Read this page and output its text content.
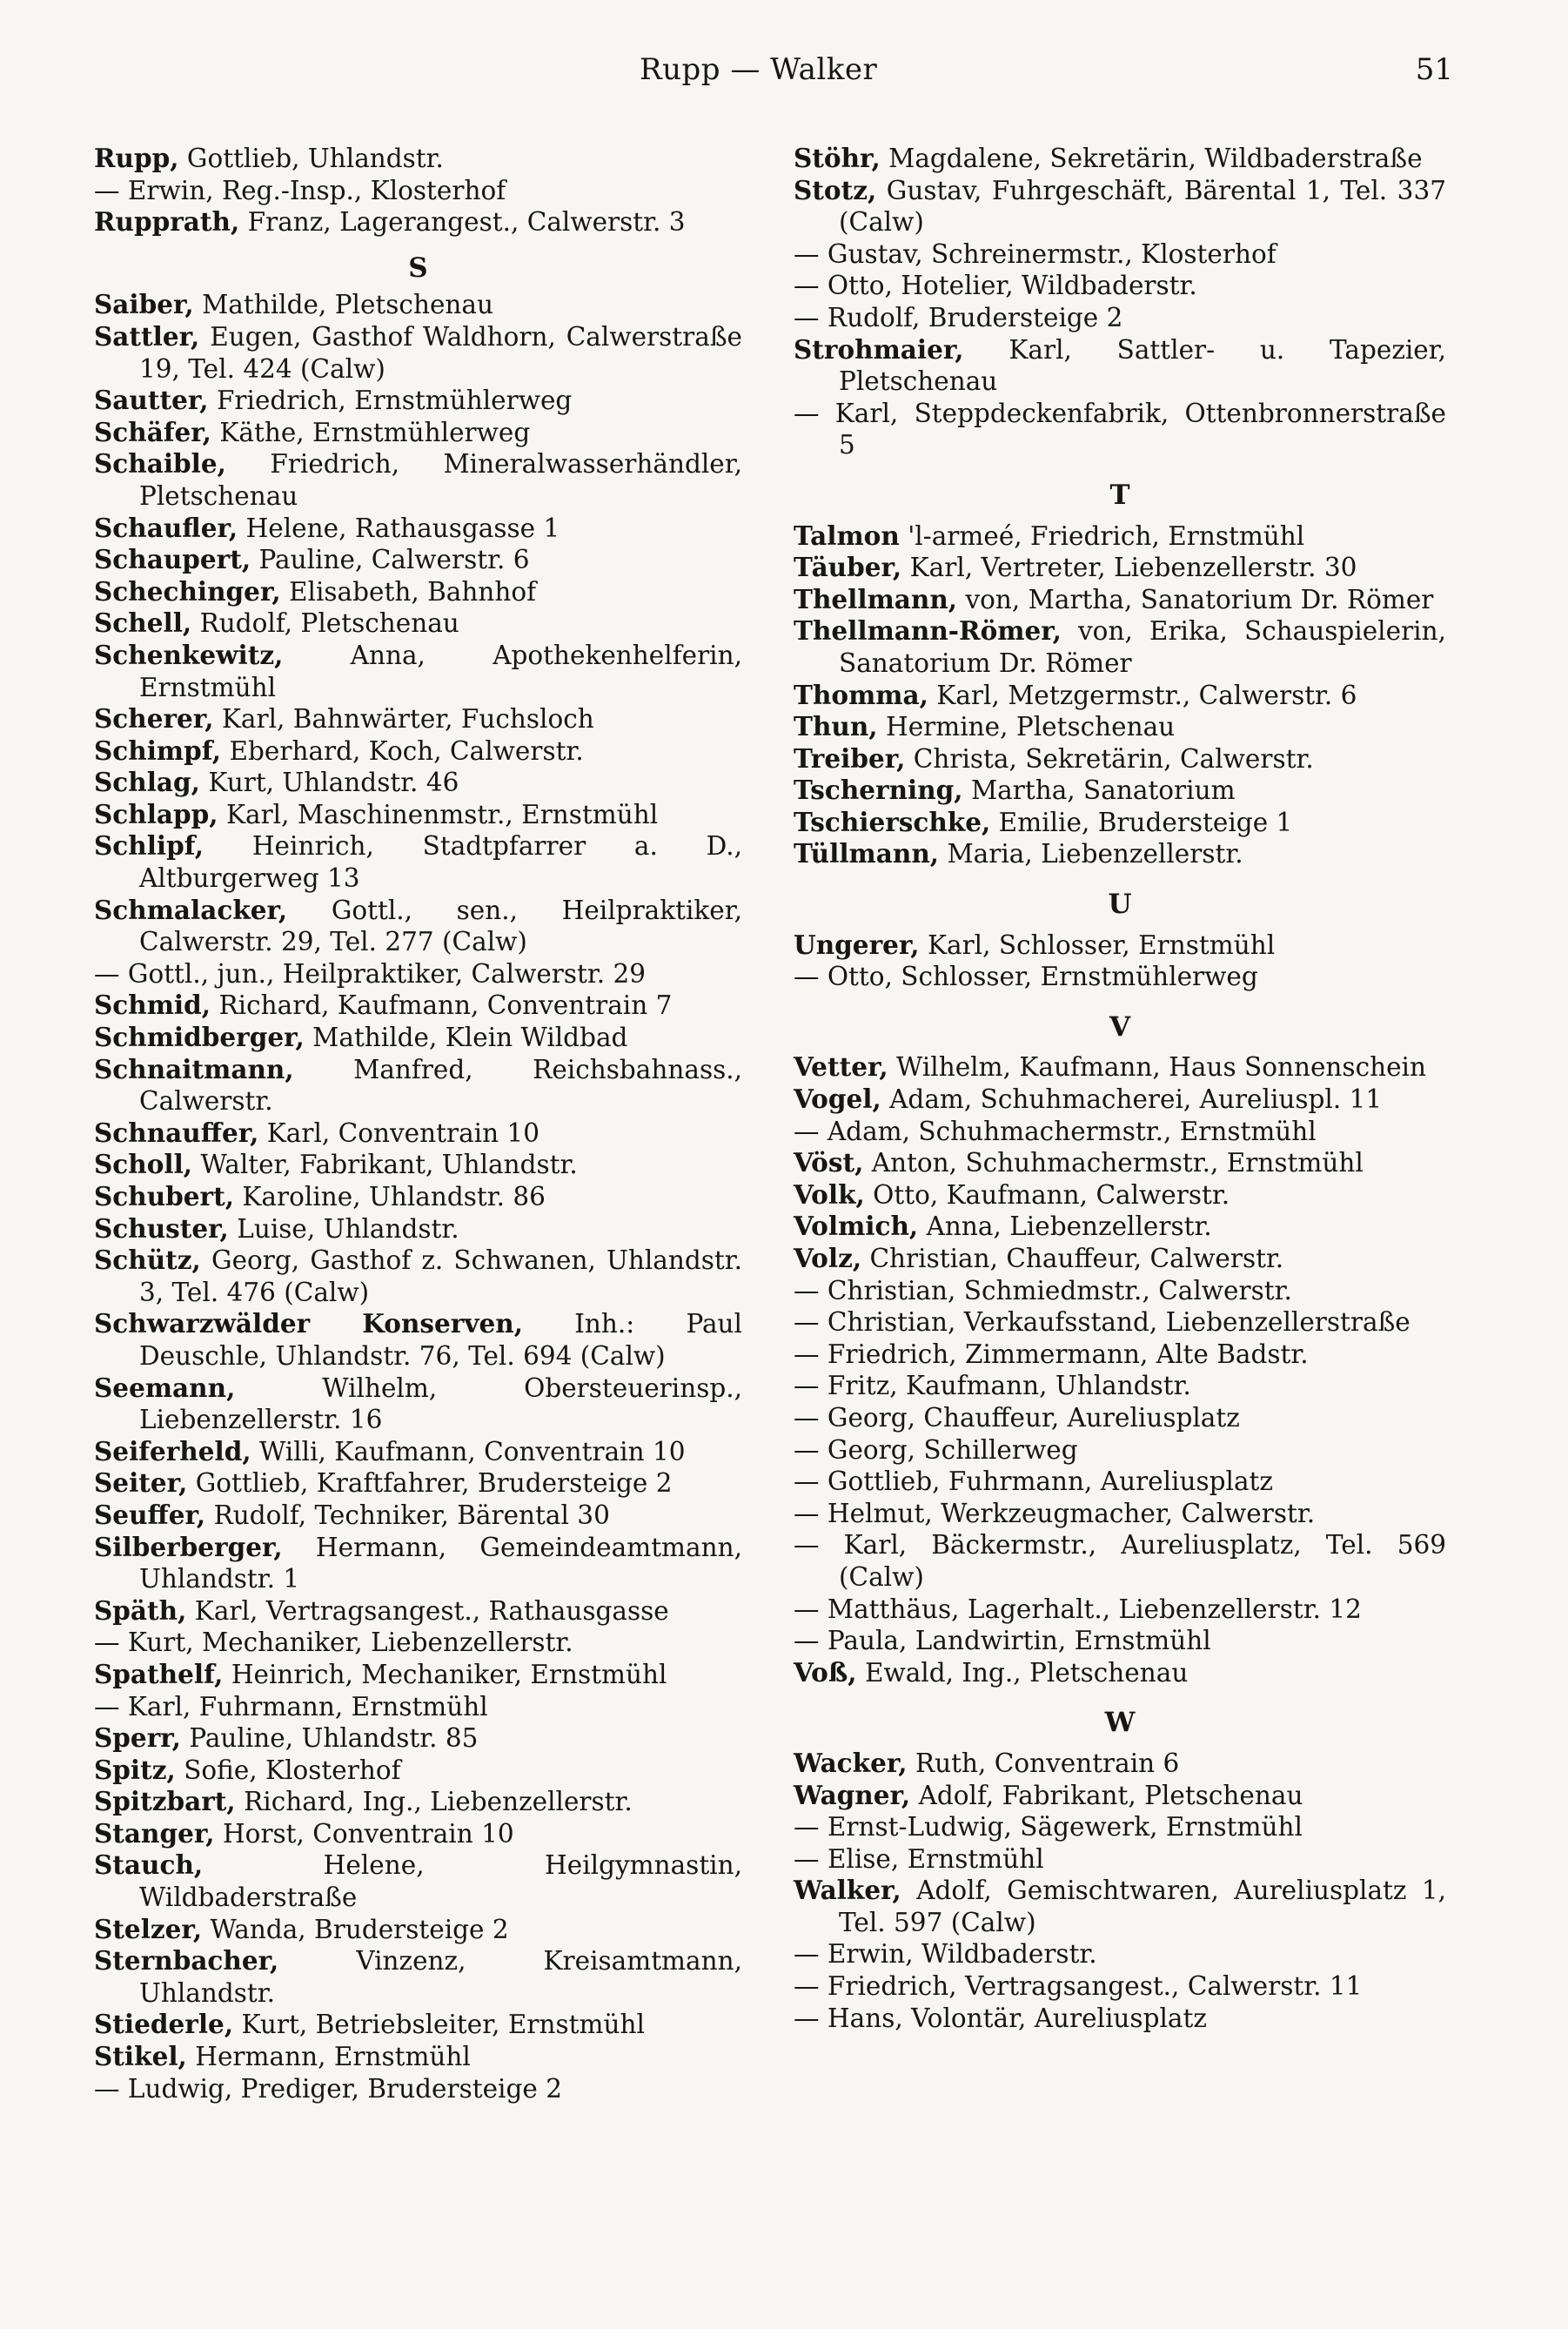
Rupp — Walker	51
Rupp, Gottlieb, Uhlandstr.
— Erwin, Reg.-Insp., Klosterhof
Rupprath, Franz, Lagerangest., Calwerstr. 3
S
Saiber, Mathilde, Pletschenau
Sattler, Eugen, Gasthof Waldhorn, Calwerstraße 19, Tel. 424 (Calw)
Sautter, Friedrich, Ernstmühlerweg
Schäfer, Käthe, Ernstmühlerweg
Schaible, Friedrich, Mineralwasserhändler, Pletschenau
Schaufler, Helene, Rathausgasse 1
Schaupert, Pauline, Calwerstr. 6
Schechinger, Elisabeth, Bahnhof
Schell, Rudolf, Pletschenau
Schenkewitz,	Anna, Apothekenhelferin, Ernstmühl
Scherer, Karl, Bahnwärter, Fuchsloch
Schimpf, Eberhard, Koch, Calwerstr.
Schlag, Kurt, Uhlandstr. 46
Schlapp, Karl, Maschinenmstr., Ernstmühl
Schlipf, Heinrich, Stadtpfarrer a. D., Altburgerweg 13
Schmalacker, Gottl., sen., Heilpraktiker, Calwerstr. 29, Tel. 277 (Calw)
— Gottl., jun., Heilpraktiker, Calwerstr. 29
Schmid, Richard, Kaufmann, Conventrain 7
Schmidberger, Mathilde, Klein Wildbad
Schnaitmann, Manfred, Reichsbahnass., Calwerstr.
Schnauffer, Karl, Conventrain 10
Scholl, Walter, Fabrikant, Uhlandstr.
Schubert, Karoline, Uhlandstr. 86
Schuster, Luise, Uhlandstr.
Schütz, Georg, Gasthof z. Schwanen, Uhlandstr. 3, Tel. 476 (Calw)
Schwarzwälder Konserven, Inh.: Paul Deuschle, Uhlandstr. 76, Tel. 694 (Calw)
Seemann,	Wilhelm, Obersteuerinsp., Liebenzellerstr. 16
Seiferheld, Willi, Kaufmann, Conventrain 10
Seiter, Gottlieb, Kraftfahrer, Brudersteige 2
Seuffer, Rudolf, Techniker, Bärental 30
Silberberger, Hermann, Gemeindeamtmann, Uhlandstr. 1
Späth, Karl, Vertragsangest., Rathausgasse
— Kurt, Mechaniker, Liebenzellerstr.
Spathelf, Heinrich, Mechaniker, Ernstmühl
— Karl, Fuhrmann, Ernstmühl
Sperr, Pauline, Uhlandstr. 85
Spitz, Sofie, Klosterhof
Spitzbart, Richard, Ing., Liebenzellerstr.
Stanger, Horst, Conventrain 10
Stauch,	Helene, Heilgymnastin, Wildbaderstraße
Stelzer, Wanda, Brudersteige 2
Sternbacher,	Vinzenz, Kreisamtmann, Uhlandstr.
Stiederle, Kurt, Betriebsleiter, Ernstmühl
Stikel, Hermann, Ernstmühl
— Ludwig, Prediger, Brudersteige 2
Stöhr, Magdalene, Sekretärin, Wildbaderstraße
Stotz, Gustav, Fuhrgeschäft, Bärental 1, Tel. 337 (Calw)
— Gustav, Schreinermstr., Klosterhof
— Otto, Hotelier, Wildbaderstr.
— Rudolf, Brudersteige 2
Strohmaier, Karl, Sattler- u. Tapezier, Pletschenau
— Karl, Steppdeckenfabrik, Ottenbronnerstraße 5
T
Talmon 'l-armeé, Friedrich, Ernstmühl
Täuber, Karl, Vertreter, Liebenzellerstr. 30
Thellmann, von, Martha, Sanatorium Dr. Römer
Thellmann-Römer, von, Erika, Schauspielerin, Sanatorium Dr. Römer
Thomma, Karl, Metzgermstr., Calwerstr. 6
Thun, Hermine, Pletschenau
Treiber, Christa, Sekretärin, Calwerstr.
Tscherning, Martha, Sanatorium
Tschierschke, Emilie, Brudersteige 1
Tüllmann, Maria, Liebenzellerstr.
U
Ungerer, Karl, Schlosser, Ernstmühl
— Otto, Schlosser, Ernstmühlerweg
V
Vetter, Wilhelm, Kaufmann, Haus Sonnenschein
Vogel, Adam, Schuhmacherei, Aureliuspl. 11
— Adam, Schuhmachermstr., Ernstmühl
Vöst, Anton, Schuhmachermstr., Ernstmühl
Volk, Otto, Kaufmann, Calwerstr.
Volmich, Anna, Liebenzellerstr.
Volz, Christian, Chauffeur, Calwerstr.
— Christian, Schmiedmstr., Calwerstr.
— Christian, Verkaufsstand, Liebenzellerstraße
— Friedrich, Zimmermann, Alte Badstr.
— Fritz, Kaufmann, Uhlandstr.
— Georg, Chauffeur, Aureliusplatz
— Georg, Schillerweg
— Gottlieb, Fuhrmann, Aureliusplatz
— Helmut, Werkzeugmacher, Calwerstr.
— Karl, Bäckermstr., Aureliusplatz, Tel. 569 (Calw)
— Matthäus, Lagerhalt., Liebenzellerstr. 12
— Paula, Landwirtin, Ernstmühl
Voß, Ewald, Ing., Pletschenau
W
Wacker, Ruth, Conventrain 6
Wagner, Adolf, Fabrikant, Pletschenau
— Ernst-Ludwig, Sägewerk, Ernstmühl
— Elise, Ernstmühl
Walker, Adolf, Gemischtwaren, Aureliusplatz 1, Tel. 597 (Calw)
— Erwin, Wildbaderstr.
— Friedrich, Vertragsangest., Calwerstr. 11
— Hans, Volontär, Aureliusplatz
